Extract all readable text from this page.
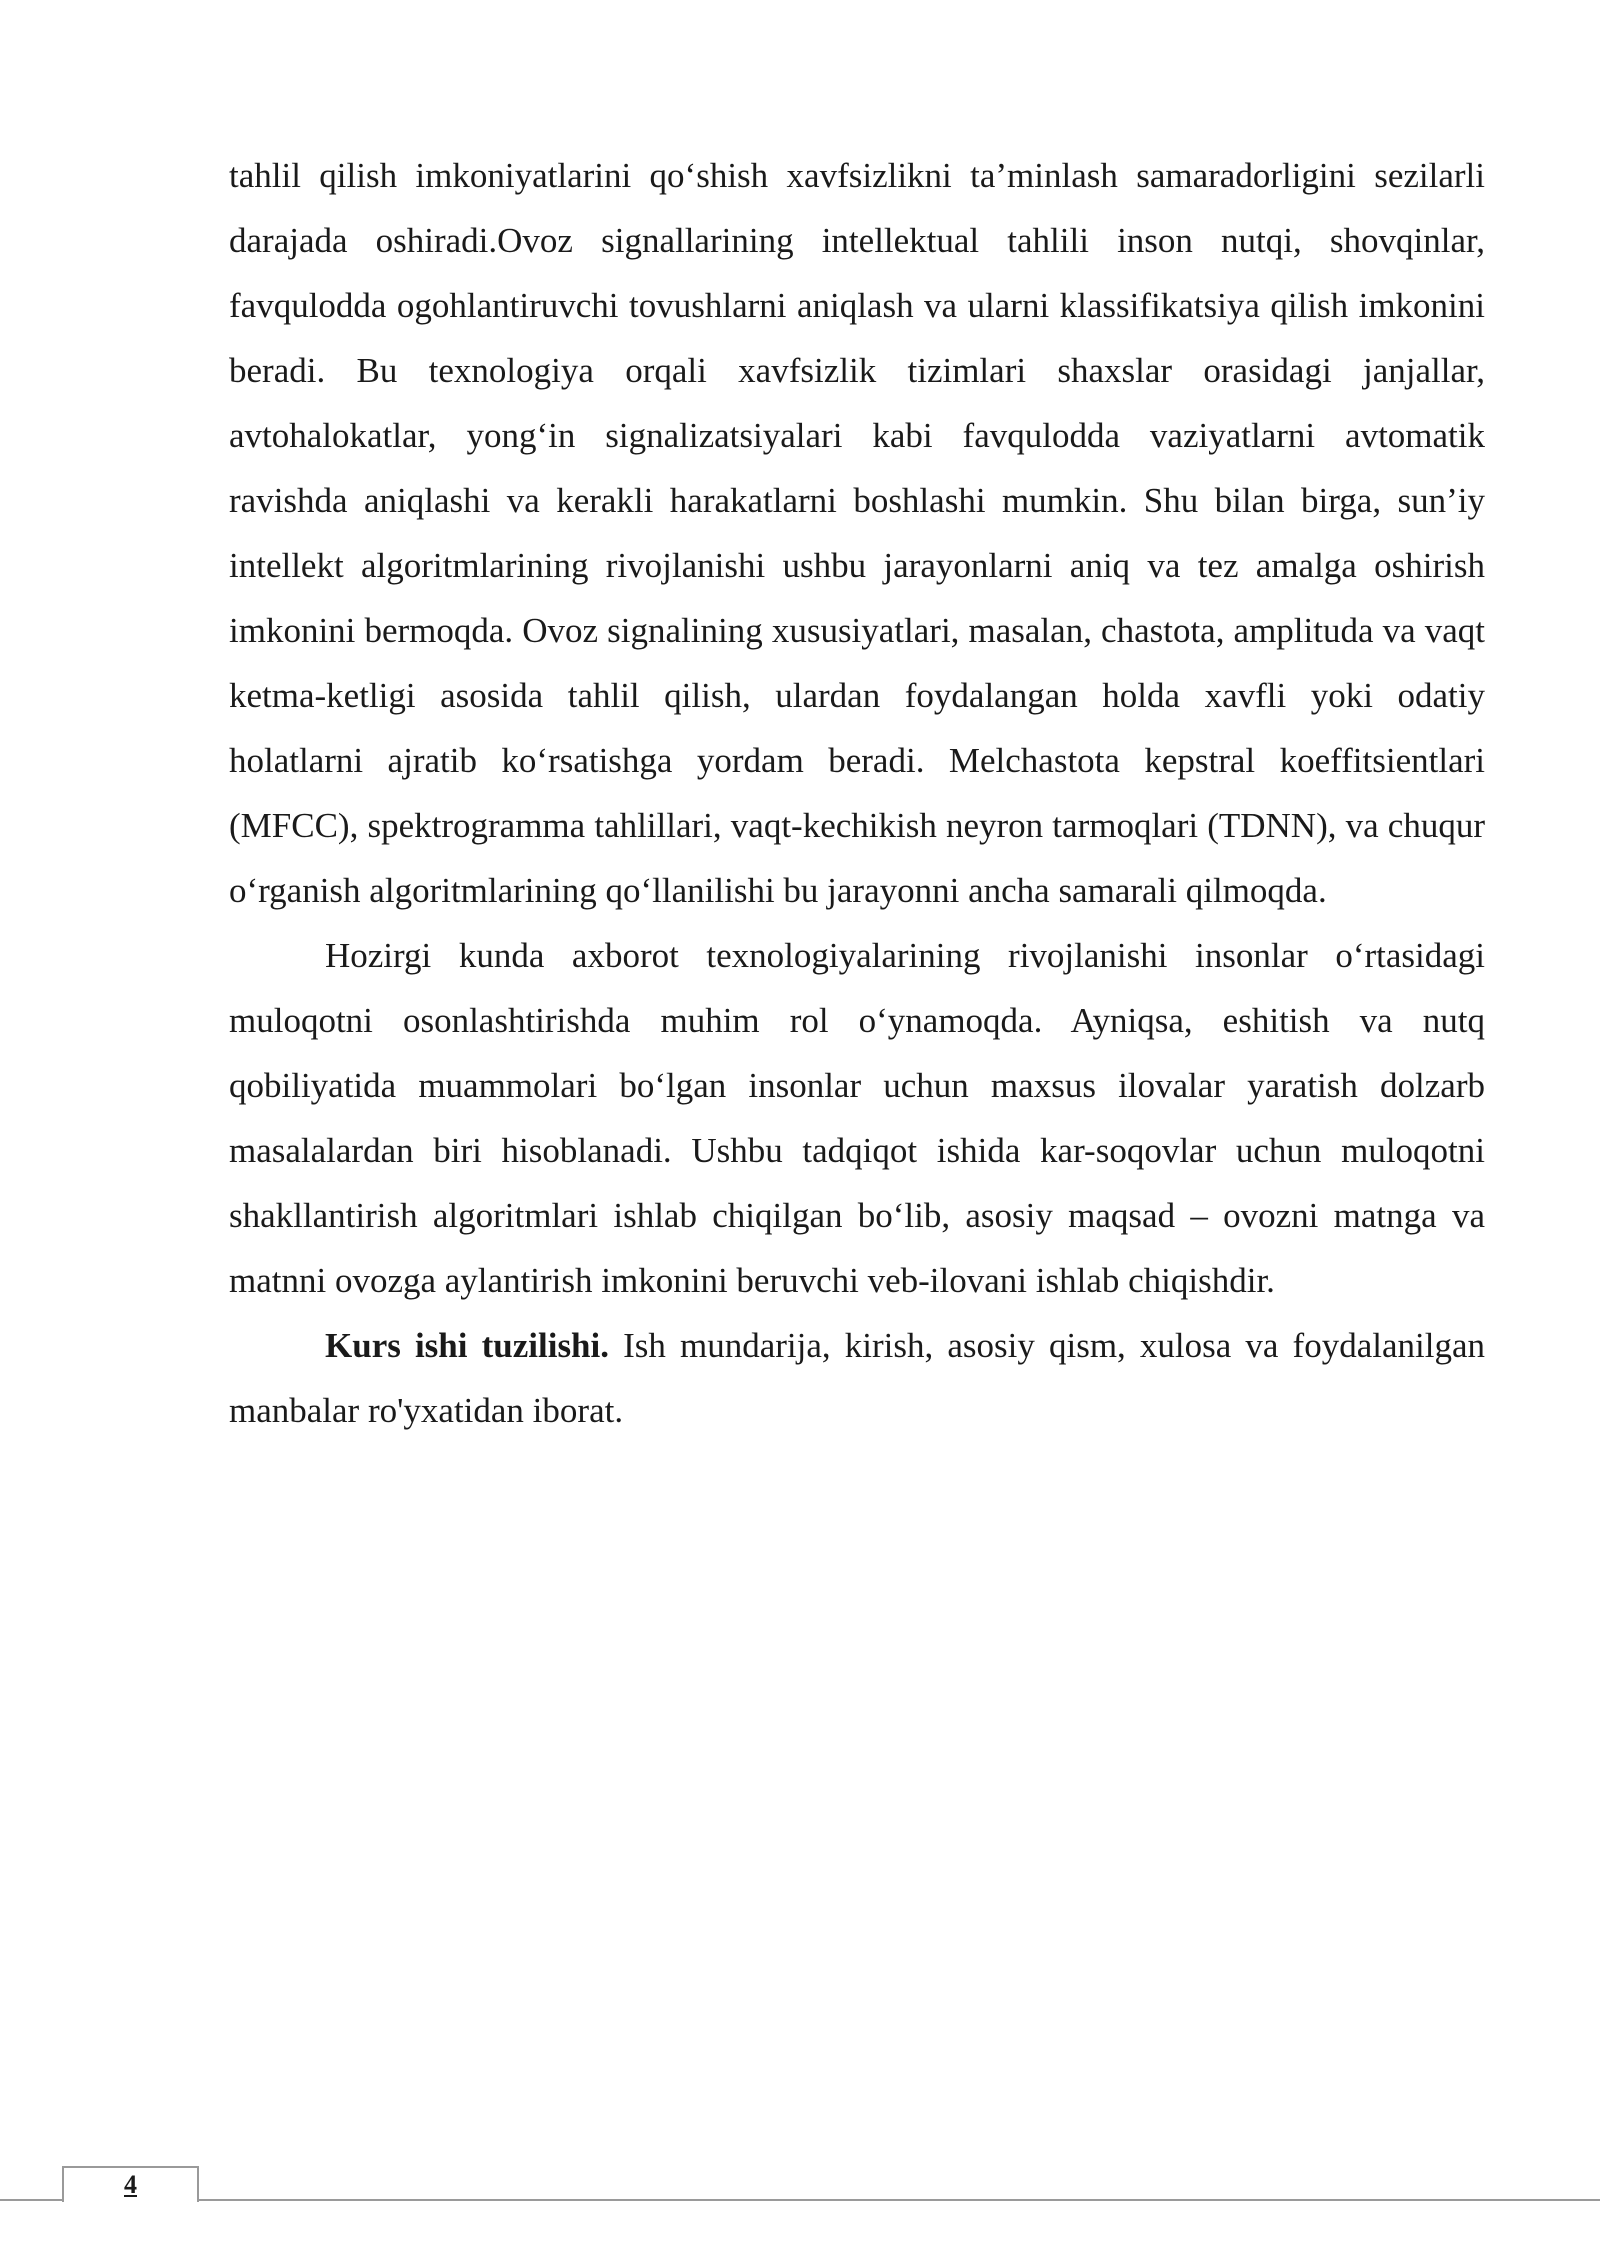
tahlil qilish imkoniyatlarini qo‘shish xavfsizlikni ta’minlash samaradorligini sezilarli darajada oshiradi.Ovoz signallarining intellektual tahlili inson nutqi, shovqinlar, favqulodda ogohlantiruvchi tovushlarni aniqlash va ularni klassifikatsiya qilish imkonini beradi. Bu texnologiya orqali xavfsizlik tizimlari shaxslar orasidagi janjallar, avtohalokatlar, yong‘in signalizatsiyalari kabi favqulodda vaziyatlarni avtomatik ravishda aniqlashi va kerakli harakatlarni boshlashi mumkin. Shu bilan birga, sun’iy intellekt algoritmlarining rivojlanishi ushbu jarayonlarni aniq va tez amalga oshirish imkonini bermoqda. Ovoz signalining xususiyatlari, masalan, chastota, amplituda va vaqt ketma-ketligi asosida tahlil qilish, ulardan foydalangan holda xavfli yoki odatiy holatlarni ajratib ko‘rsatishga yordam beradi. Melchastota kepstral koeffitsientlari (MFCC), spektrogramma tahlillari, vaqt-kechikish neyron tarmoqlari (TDNN), va chuqur o‘rganish algoritmlarining qo‘llanilishi bu jarayonni ancha samarali qilmoqda.

Hozirgi kunda axborot texnologiyalarining rivojlanishi insonlar o‘rtasidagi muloqotni osonlashtirishda muhim rol o‘ynamoqda. Ayniqsa, eshitish va nutq qobiliyatida muammolari bo‘lgan insonlar uchun maxsus ilovalar yaratish dolzarb masalalardan biri hisoblanadi. Ushbu tadqiqot ishida kar-soqovlar uchun muloqotni shakllantirish algoritmlari ishlab chiqilgan bo‘lib, asosiy maqsad – ovozni matnga va matnni ovozga aylantirish imkonini beruvchi veb-ilovani ishlab chiqishdir.

Kurs ishi tuzilishi. Ish mundarija, kirish, asosiy qism, xulosa va foydalanilgan manbalar ro'yxatidan iborat.

4
